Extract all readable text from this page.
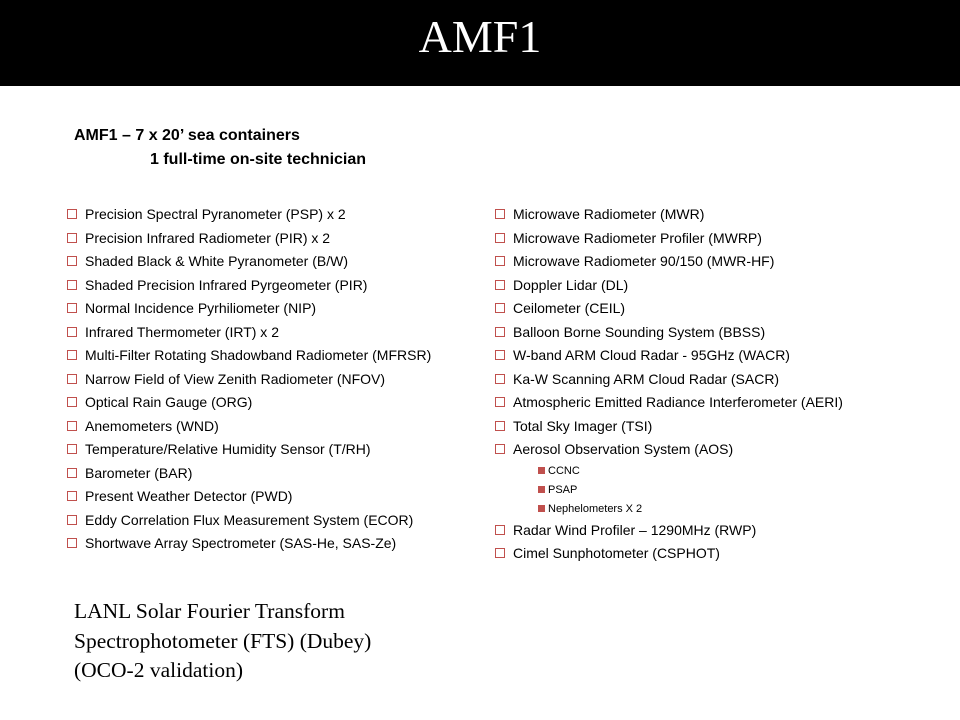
AMF1
AMF1 – 7 x 20’ sea containers
1 full-time on-site technician
Precision Spectral Pyranometer (PSP) x 2
Precision Infrared Radiometer (PIR) x 2
Shaded Black & White Pyranometer (B/W)
Shaded Precision Infrared Pyrgeometer (PIR)
Normal Incidence Pyrhiliometer (NIP)
Infrared Thermometer (IRT) x 2
Multi-Filter Rotating Shadowband Radiometer (MFRSR)
Narrow Field of View Zenith Radiometer (NFOV)
Optical Rain Gauge (ORG)
Anemometers (WND)
Temperature/Relative Humidity Sensor (T/RH)
Barometer (BAR)
Present Weather Detector (PWD)
Eddy Correlation Flux Measurement System (ECOR)
Shortwave Array Spectrometer (SAS-He, SAS-Ze)
Microwave Radiometer (MWR)
Microwave Radiometer Profiler (MWRP)
Microwave Radiometer 90/150 (MWR-HF)
Doppler Lidar (DL)
Ceilometer (CEIL)
Balloon Borne Sounding System (BBSS)
W-band ARM Cloud Radar - 95GHz (WACR)
Ka-W Scanning ARM Cloud Radar (SACR)
Atmospheric Emitted Radiance Interferometer (AERI)
Total Sky Imager (TSI)
Aerosol Observation System (AOS)
CCNC
PSAP
Nephelometers X 2
Radar Wind Profiler – 1290MHz (RWP)
Cimel Sunphotometer (CSPHOT)
LANL Solar Fourier Transform
Spectrophotometer (FTS) (Dubey)
(OCO-2 validation)
